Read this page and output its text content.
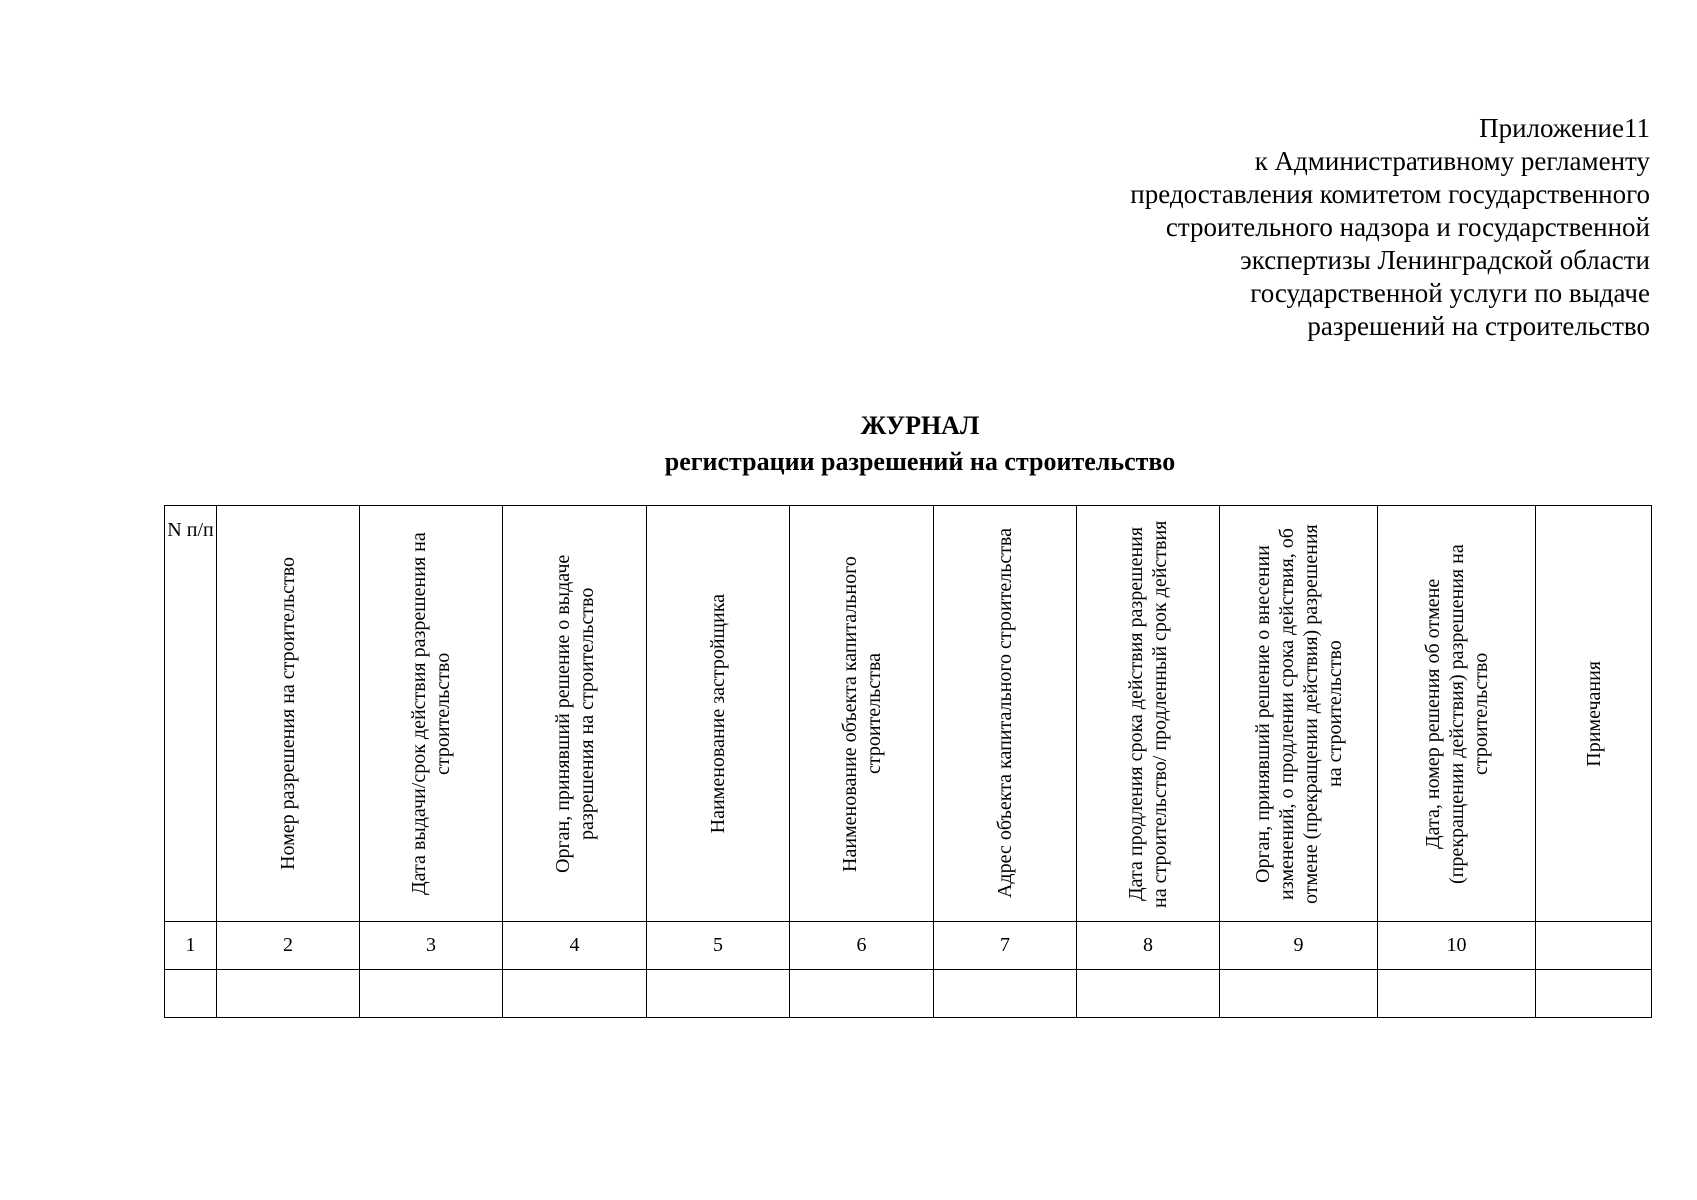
Приложение11
к Административному регламенту
предоставления комитетом государственного
строительного надзора и государственной
экспертизы Ленинградской области
государственной услуги по выдаче
разрешений на строительство
ЖУРНАЛ
регистрации разрешений на строительство
N п/п	Номер разрешения на строительство	Дата выдачи/срок действия разрешения на строительство	Орган, принявший решение о выдаче разрешения на строительство	Наименование застройщика	Наименование объекта капитального строительства	Адрес объекта капитального строительства	Дата продления срока действия разрешения на строительство/ продленный срок действия	Орган, принявший решение о внесении изменений, о продлении срока действия, об отмене (прекращении действия) разрешения на строительство	Дата, номер решения об отмене (прекращении действия) разрешения на строительство	Примечания

1	2	3	4	5	6	7	8	9	10	
